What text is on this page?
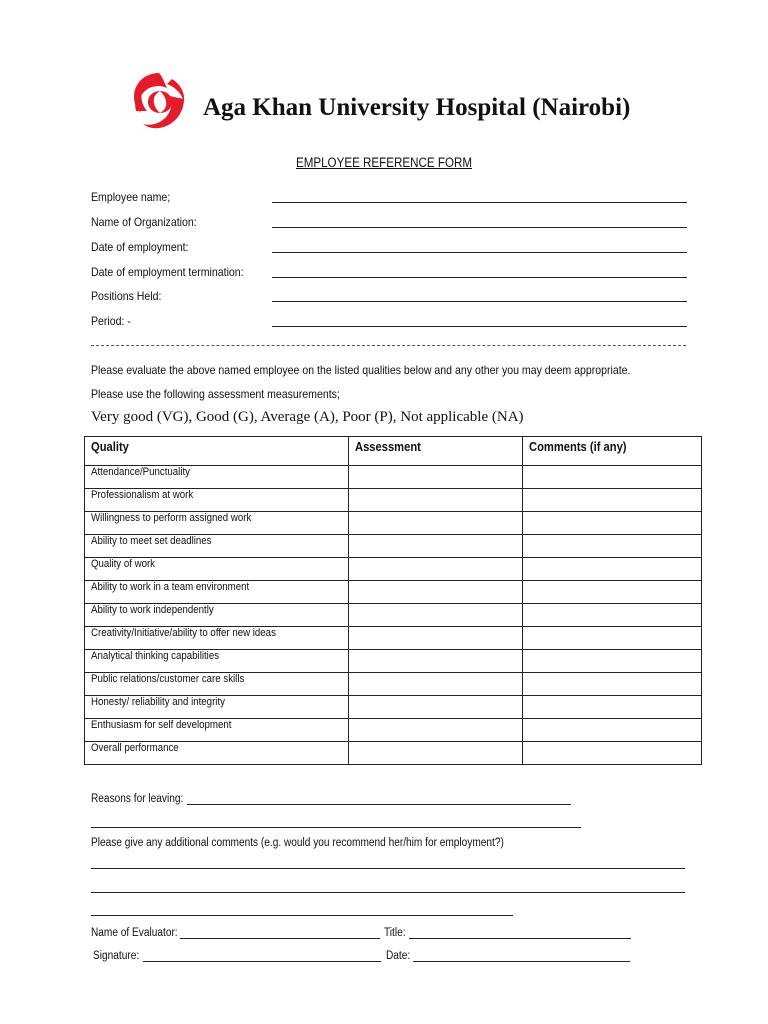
Aga Khan University Hospital (Nairobi)
EMPLOYEE REFERENCE FORM
Employee name;
Name of Organization:
Date of employment:
Date of employment termination:
Positions Held:
Period: -
Please evaluate the above named employee on the listed qualities below and any other you may deem appropriate.
Please use the following assessment measurements;
Very good (VG), Good (G), Average (A), Poor (P), Not applicable (NA)
Quality	Assessment	Comments (if any)
Attendance/Punctuality		
Professionalism at work		
Willingness to perform assigned work		
Ability to meet set deadlines		
Quality of work		
Ability to work in a team environment		
Ability to work independently		
Creativity/Initiative/ability to offer new ideas		
Analytical thinking capabilities		
Public relations/customer care skills		
Honesty/ reliability and integrity		
Enthusiasm for self development		
Overall performance		
Reasons for leaving:
Please give any additional comments (e.g. would you recommend her/him for employment?)
Name of Evaluator:	Title:
Signature:	Date:
